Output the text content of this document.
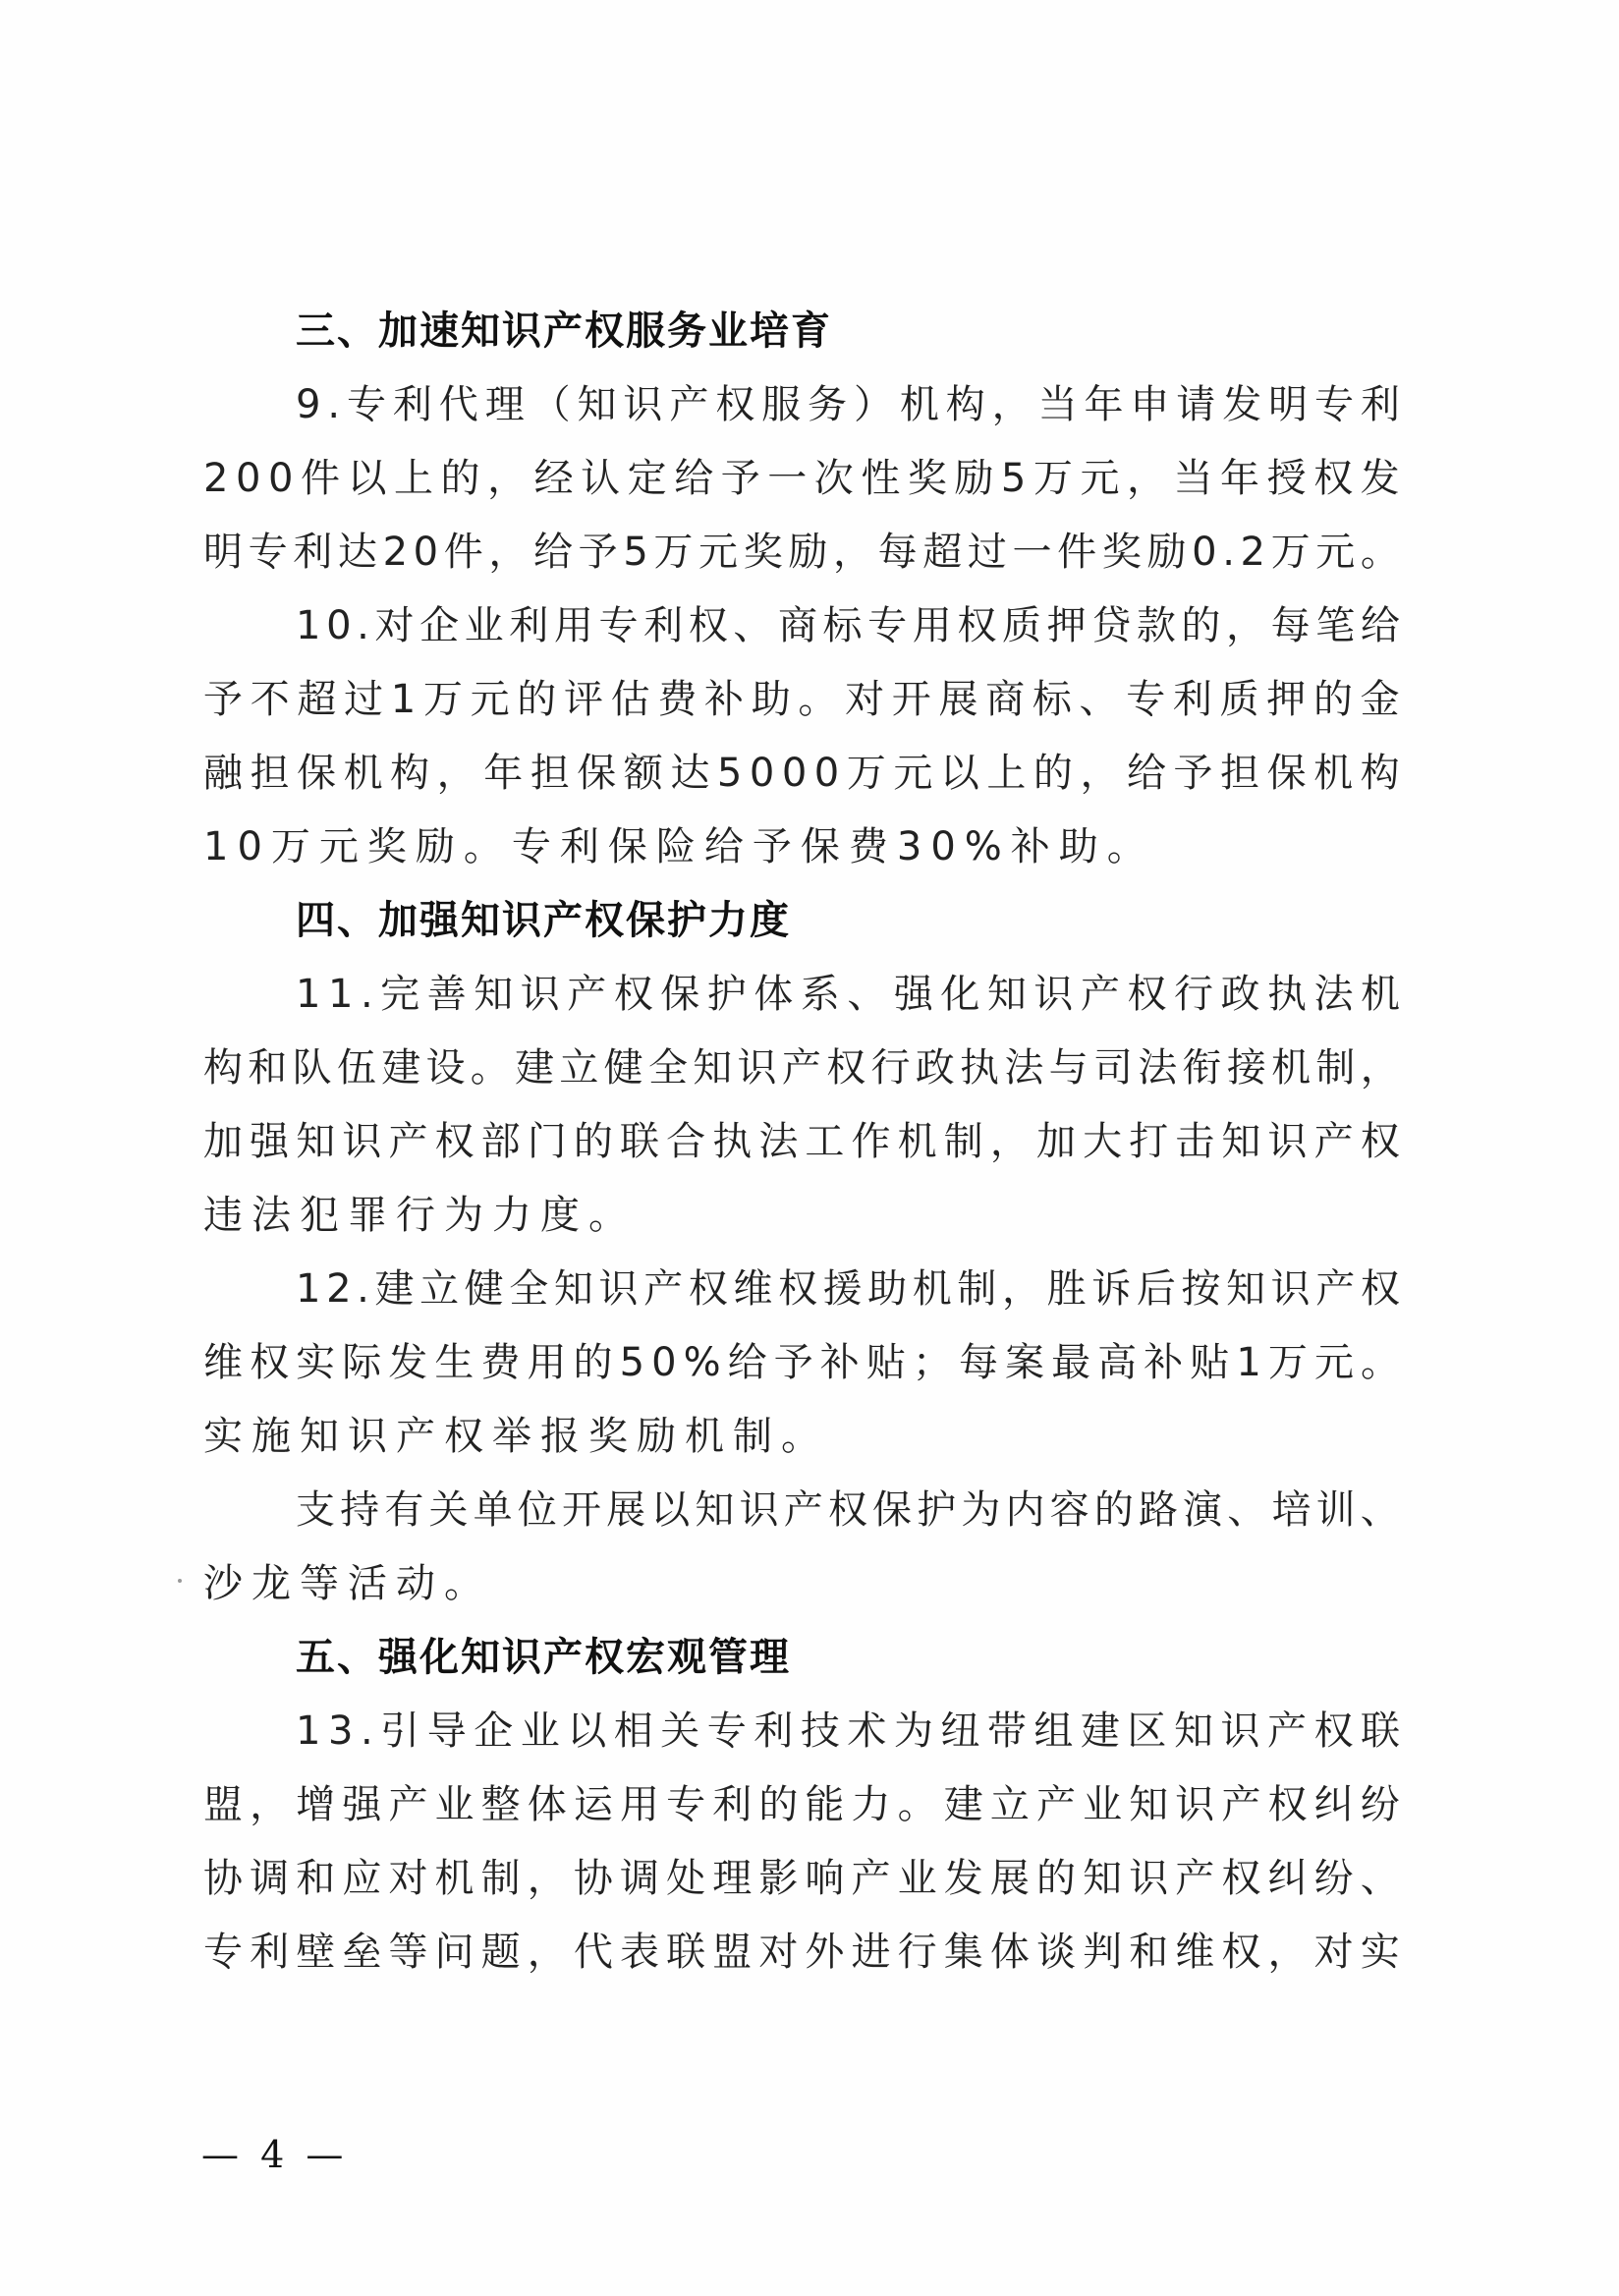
三、加速知识产权服务业培育
9 . 专 利 代 理 （ 知 识 产 权 服 务 ） 机 构 ， 当 年 申 请 发 明 专 利
2 0 0 件 以 上 的 ， 经 认 定 给 予 一 次 性 奖 励 5 万 元 ， 当 年 授 权 发
明 专 利 达 2 0 件 ， 给 予 5 万 元 奖 励 ， 每 超 过 一 件 奖 励 0 . 2 万 元 。
1 0 . 对 企 业 利 用 专 利 权 、 商 标 专 用 权 质 押 贷 款 的 ， 每 笔 给
予 不 超 过 1 万 元 的 评 估 费 补 助 。 对 开 展 商 标 、 专 利 质 押 的 金
融 担 保 机 构 ， 年 担 保 额 达 5 0 0 0 万 元 以 上 的 ， 给 予 担 保 机 构
10万元奖励。专利保险给予保费30%补助。
四、加强知识产权保护力度
1 1 . 完 善 知 识 产 权 保 护 体 系 、 强 化 知 识 产 权 行 政 执 法 机
构 和 队 伍 建 设 。 建 立 健 全 知 识 产 权 行 政 执 法 与 司 法 衔 接 机 制 ，
加 强 知 识 产 权 部 门 的 联 合 执 法 工 作 机 制 ， 加 大 打 击 知 识 产 权
违法犯罪行为力度。
1 2 . 建 立 健 全 知 识 产 权 维 权 援 助 机 制 ， 胜 诉 后 按 知 识 产 权
维 权 实 际 发 生 费 用 的 5 0 % 给 予 补 贴 ； 每 案 最 高 补 贴 1 万 元 。
实施知识产权举报奖励机制。
支 持 有 关 单 位 开 展 以 知 识 产 权 保 护 为 内 容 的 路 演 、 培 训 、
沙龙等活动。
五、强化知识产权宏观管理
1 3 . 引 导 企 业 以 相 关 专 利 技 术 为 纽 带 组 建 区 知 识 产 权 联
盟 ， 增 强 产 业 整 体 运 用 专 利 的 能 力 。 建 立 产 业 知 识 产 权 纠 纷
协 调 和 应 对 机 制 ， 协 调 处 理 影 响 产 业 发 展 的 知 识 产 权 纠 纷 、
专 利 壁 垒 等 问 题 ， 代 表 联 盟 对 外 进 行 集 体 谈 判 和 维 权 ， 对 实
— 4 —
